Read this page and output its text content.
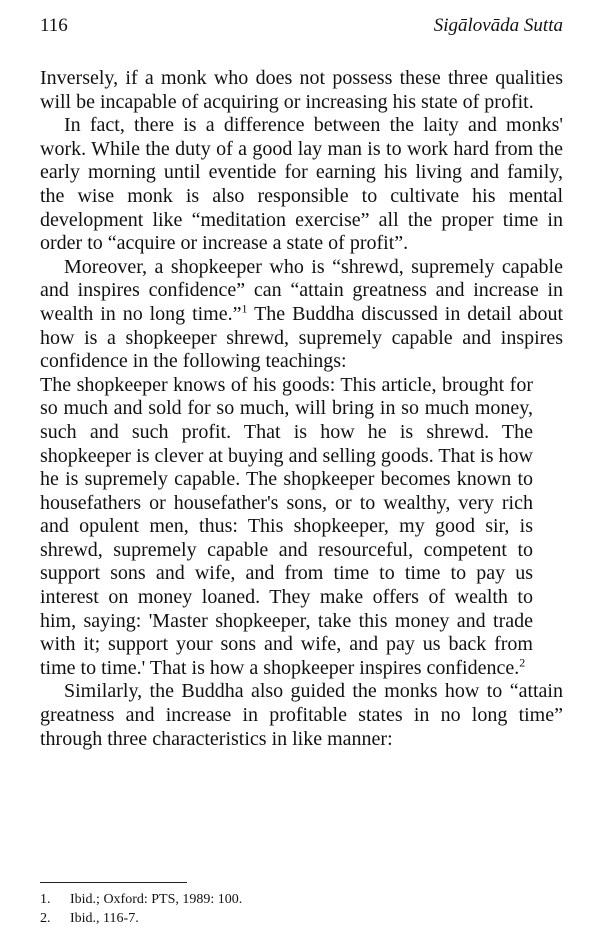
116	Sigālovāda Sutta

Inversely, if a monk who does not possess these three qualities will be incapable of acquiring or increasing his state of profit.

In fact, there is a difference between the laity and monks' work. While the duty of a good lay man is to work hard from the early morning until eventide for earning his living and family, the wise monk is also responsible to cultivate his mental development like “meditation exercise” all the proper time in order to “acquire or increase a state of profit”.

Moreover, a shopkeeper who is “shrewd, supremely capable and inspires confidence” can “attain greatness and increase in wealth in no long time.”$^1$ The Buddha discussed in detail about how is a shopkeeper shrewd, supremely capable and inspires confidence in the following teachings:

The shopkeeper knows of his goods: This article, brought for so much and sold for so much, will bring in so much money, such and such profit. That is how he is shrewd. The shopkeeper is clever at buying and selling goods. That is how he is supremely capable. The shopkeeper becomes known to housefathers or housefather's sons, or to wealthy, very rich and opulent men, thus: This shopkeeper, my good sir, is shrewd, supremely capable and resourceful, competent to support sons and wife, and from time to time to pay us interest on money loaned. They make offers of wealth to him, saying: 'Master shopkeeper, take this money and trade with it; support your sons and wife, and pay us back from time to time.' That is how a shopkeeper inspires confidence.$^2$

Similarly, the Buddha also guided the monks how to “attain greatness and increase in profitable states in no long time” through three characteristics in like manner:

1.	Ibid.; Oxford: PTS, 1989: 100.
2.	Ibid., 116-7.
